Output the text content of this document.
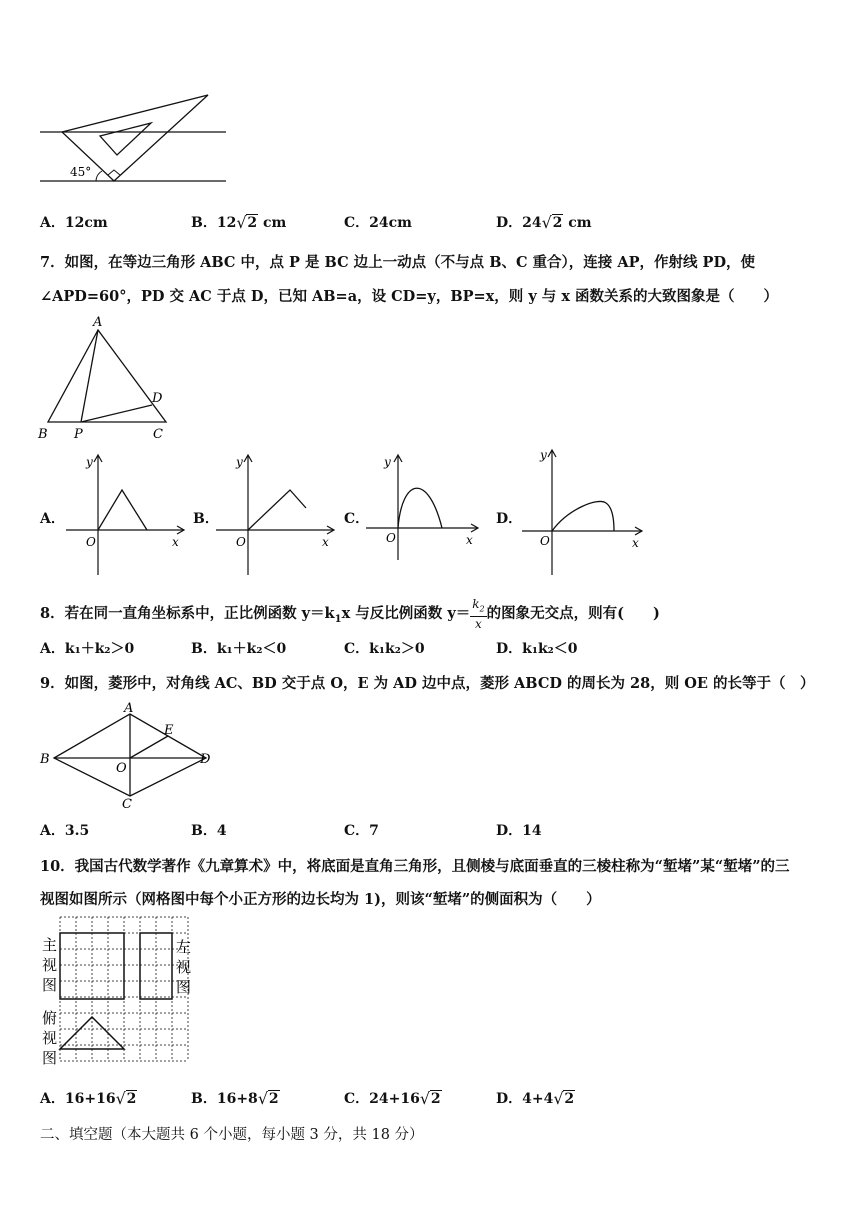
45°
A．12cm	B．12 √ 2 cm	C．24cm	D．24 √ 2 cm
7．如图，在等边三角形 ABC 中，点 P 是 BC 边上一动点（不与点 B、C 重合），连接 AP，作射线 PD，使
∠APD=60°，PD 交 AC 于点 D，已知 AB=a，设 CD=y，BP=x，则 y 与 x 函数关系的大致图象是（　　）
A
B P	C
D
A．
y
x
O
B．
y
x
O
C．
y
x
O
D．
y
x
O
8．若在同一直角坐标系中，正比例函数 $y=k_1x$ 与反比例函数 $y= \frac{k_2}{x}$ 的图象无交点，则有(　　)
A．k₁＋k₂＞0	B．k₁＋k₂＜0	C．k₁k₂＞0	D．k₁k₂＜0
9．如图，菱形中，对角线 AC、BD 交于点 O，E 为 AD 边中点，菱形 ABCD 的周长为 28，则 OE 的长等于（　）
A
B
C
D
E
O
A．3.5	B．4	C．7	D．14
10．我国古代数学著作《九章算术》中，将底面是直角三角形，且侧棱与底面垂直的三棱柱称为“堑堵”某“堑堵”的三
视图如图所示（网格图中每个小正方形的边长均为 1)，则该“堑堵”的侧面积为（　　）
主
视
图
左
视
图
俯
视
图
A．16+16 √ 2	B．16+8 √ 2	C．24+16 √ 2	D．4+4 √ 2
二、填空题（本大题共 6 个小题，每小题 3 分，共 18 分）
